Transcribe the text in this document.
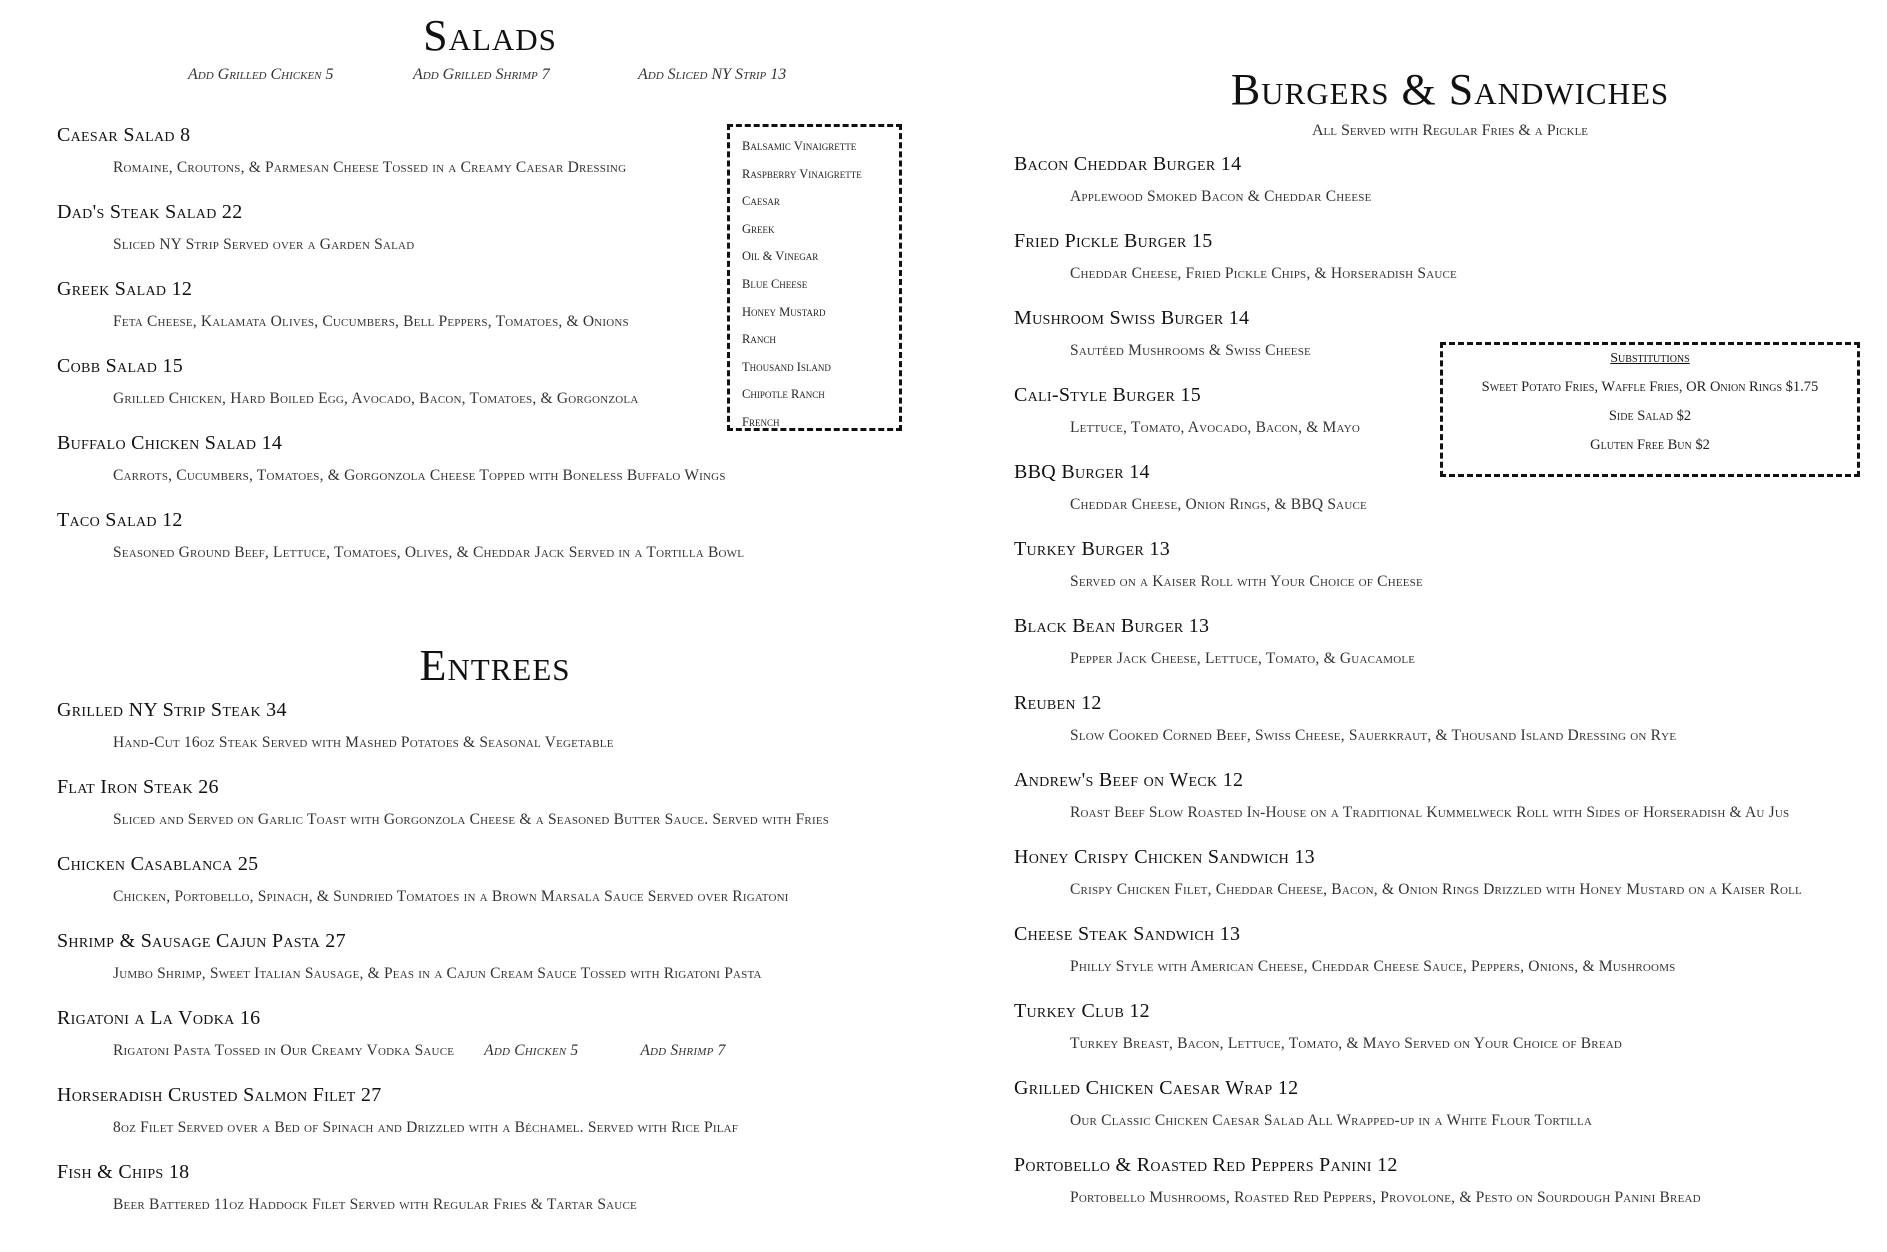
Salads
Add Grilled Chicken 5	Add Grilled Shrimp 7	Add Sliced NY Strip 13
Caesar Salad 8
Romaine, Croutons, & Parmesan Cheese Tossed in a Creamy Caesar Dressing
Dad's Steak Salad 22
Sliced NY Strip Served over a Garden Salad
Greek Salad 12
Feta Cheese, Kalamata Olives, Cucumbers, Bell Peppers, Tomatoes, & Onions
Cobb Salad 15
Grilled Chicken, Hard Boiled Egg, Avocado, Bacon, Tomatoes, & Gorgonzola
Buffalo Chicken Salad 14
Carrots, Cucumbers, Tomatoes, & Gorgonzola Cheese Topped with Boneless Buffalo Wings
Taco Salad 12
Seasoned Ground Beef, Lettuce, Tomatoes, Olives, & Cheddar Jack Served in a Tortilla Bowl
Balsamic Vinaigrette
Raspberry Vinaigrette
Caesar
Greek
Oil & Vinegar
Blue Cheese
Honey Mustard
Ranch
Thousand Island
Chipotle Ranch
French
Entrees
Grilled NY Strip Steak 34
Hand-Cut 16oz Steak Served with Mashed Potatoes & Seasonal Vegetable
Flat Iron Steak 26
Sliced and Served on Garlic Toast with Gorgonzola Cheese & a Seasoned Butter Sauce. Served with Fries
Chicken Casablanca 25
Chicken, Portobello, Spinach, & Sundried Tomatoes in a Brown Marsala Sauce Served over Rigatoni
Shrimp & Sausage Cajun Pasta 27
Jumbo Shrimp, Sweet Italian Sausage, & Peas in a Cajun Cream Sauce Tossed with Rigatoni Pasta
Rigatoni a La Vodka 16
Rigatoni Pasta Tossed in Our Creamy Vodka Sauce Add Chicken 5	Add Shrimp 7
Horseradish Crusted Salmon Filet 27
8oz Filet Served over a Bed of Spinach and Drizzled with a Béchamel. Served with Rice Pilaf
Fish & Chips 18
Beer Battered 11oz Haddock Filet Served with Regular Fries & Tartar Sauce
Burgers & Sandwiches
All Served with Regular Fries & a Pickle
Bacon Cheddar Burger 14
Applewood Smoked Bacon & Cheddar Cheese
Fried Pickle Burger 15
Cheddar Cheese, Fried Pickle Chips, & Horseradish Sauce
Mushroom Swiss Burger 14
Sautéed Mushrooms & Swiss Cheese
Cali-Style Burger 15
Lettuce, Tomato, Avocado, Bacon, & Mayo
BBQ Burger 14
Cheddar Cheese, Onion Rings, & BBQ Sauce
Turkey Burger 13
Served on a Kaiser Roll with Your Choice of Cheese
Black Bean Burger 13
Pepper Jack Cheese, Lettuce, Tomato, & Guacamole
Reuben 12
Slow Cooked Corned Beef, Swiss Cheese, Sauerkraut, & Thousand Island Dressing on Rye
Andrew's Beef on Weck 12
Roast Beef Slow Roasted In-House on a Traditional Kummelweck Roll with Sides of Horseradish & Au Jus
Honey Crispy Chicken Sandwich 13
Crispy Chicken Filet, Cheddar Cheese, Bacon, & Onion Rings Drizzled with Honey Mustard on a Kaiser Roll
Cheese Steak Sandwich 13
Philly Style with American Cheese, Cheddar Cheese Sauce, Peppers, Onions, & Mushrooms
Turkey Club 12
Turkey Breast, Bacon, Lettuce, Tomato, & Mayo Served on Your Choice of Bread
Grilled Chicken Caesar Wrap 12
Our Classic Chicken Caesar Salad All Wrapped-up in a White Flour Tortilla
Portobello & Roasted Red Peppers Panini 12
Portobello Mushrooms, Roasted Red Peppers, Provolone, & Pesto on Sourdough Panini Bread
Substitutions
Sweet Potato Fries, Waffle Fries, OR Onion Rings $1.75
Side Salad $2
Gluten Free Bun $2
